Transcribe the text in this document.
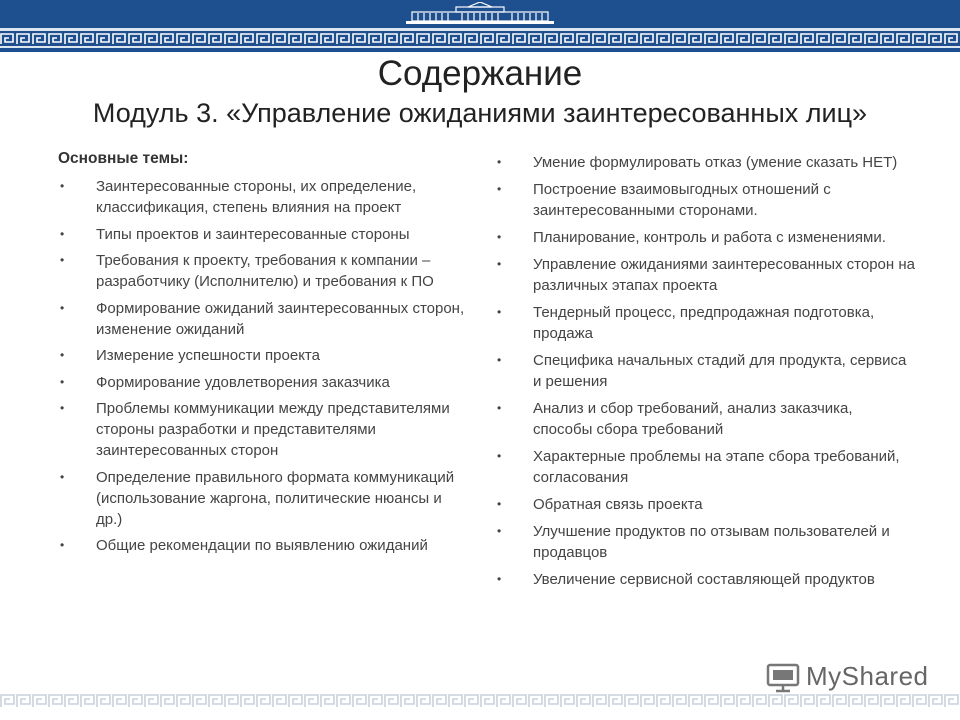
Содержание
Модуль 3. «Управление ожиданиями заинтересованных лиц»
Основные темы:
• Заинтересованные стороны, их определение, классификация, степень влияния на проект
• Типы проектов и заинтересованные стороны
• Требования к проекту, требования к компании – разработчику (Исполнителю) и требования к ПО
• Формирование ожиданий заинтересованных сторон, изменение ожиданий
• Измерение успешности проекта
• Формирование удовлетворения заказчика
• Проблемы коммуникации между представителями стороны разработки и представителями заинтересованных сторон
• Определение правильного формата коммуникаций (использование жаргона, политические нюансы и др.)
• Общие рекомендации по выявлению ожиданий
• Умение формулировать отказ (умение сказать НЕТ)
• Построение взаимовыгодных отношений с заинтересованными сторонами.
• Планирование, контроль и работа с изменениями.
• Управление ожиданиями заинтересованных сторон на различных этапах проекта
• Тендерный процесс, предпродажная подготовка, продажа
• Специфика начальных стадий для продукта, сервиса и решения
• Анализ и сбор требований, анализ заказчика, способы сбора требований
• Характерные проблемы на этапе сбора требований, согласования
• Обратная связь проекта
• Улучшение продуктов по отзывам пользователей и продавцов
• Увеличение сервисной составляющей продуктов
MyShared
